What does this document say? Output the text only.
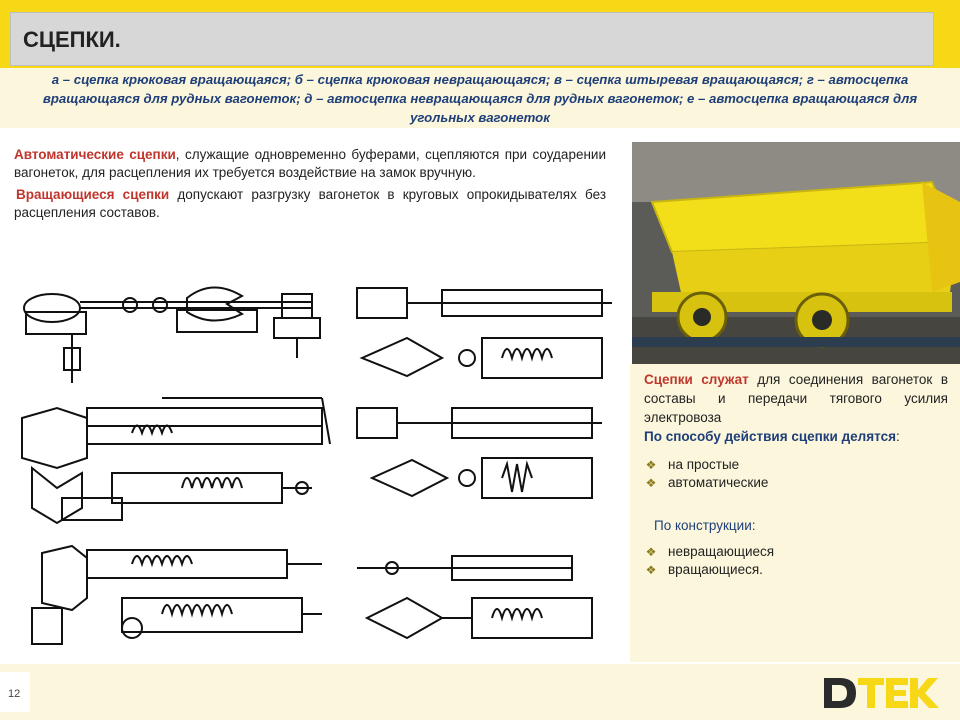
СЦЕПКИ.
а – сцепка крюковая вращающаяся; б – сцепка крюковая невращающаяся; в – сцепка штыревая вращающаяся; г – автосцепка вращающаяся для рудных вагонеток; д – автосцепка невращающаяся для рудных вагонеток; е – автосцепка вращающаяся для угольных вагонеток

Автоматические сцепки, служащие одновременно буферами, сцепляются при соударении вагонеток, для расцепления их требуется воздействие на замок вручную.

Вращающиеся сцепки допускают разгрузку вагонеток в круговых опрокидывателях без расцепления составов.

Сцепки служат для соединения вагонеток в составы и передачи тягового усилия электровоза

По способу действия сцепки делятся:

❖ на простые
❖ автоматические

По конструкции:

❖ невращающиеся
❖ вращающиеся.
12
